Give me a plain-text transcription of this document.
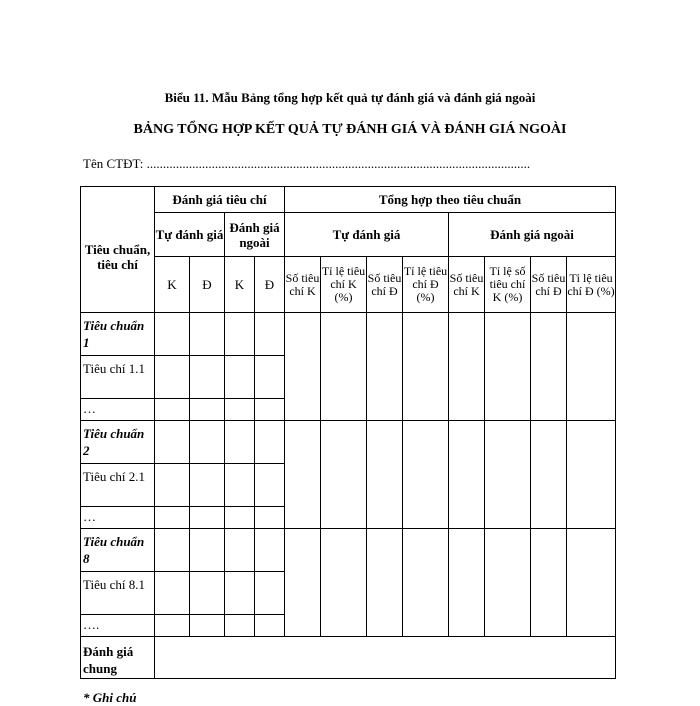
Biểu 11. Mẫu Bảng tổng hợp kết quả tự đánh giá và đánh giá ngoài
BẢNG TỔNG HỢP KẾT QUẢ TỰ ĐÁNH GIÁ VÀ ĐÁNH GIÁ NGOÀI
Tên CTĐT: ......................................................................................................................
Tiêu chuẩn, tiêu chí	Đánh giá tiêu chí				Tổng hợp theo tiêu chuẩn							
	Tự đánh giá		Đánh giá ngoài		Tự đánh giá				Đánh giá ngoài			
	K	Đ	K	Đ	Số tiêu chí K	Tỉ lệ tiêu chí K (%)	Số tiêu chí Đ	Tỉ lệ tiêu chí Đ (%)	Số tiêu chí K	Tỉ lệ số tiêu chí K (%)	Số tiêu chí Đ	Tỉ lệ tiêu chí Đ (%)
Tiêu chuẩn 1												
Tiêu chí 1.1												
…												
Tiêu chuẩn 2												
Tiêu chí 2.1												
…												
Tiêu chuẩn 8												
Tiêu chí 8.1												
….												
Đánh giá chung												
* Ghi chú
